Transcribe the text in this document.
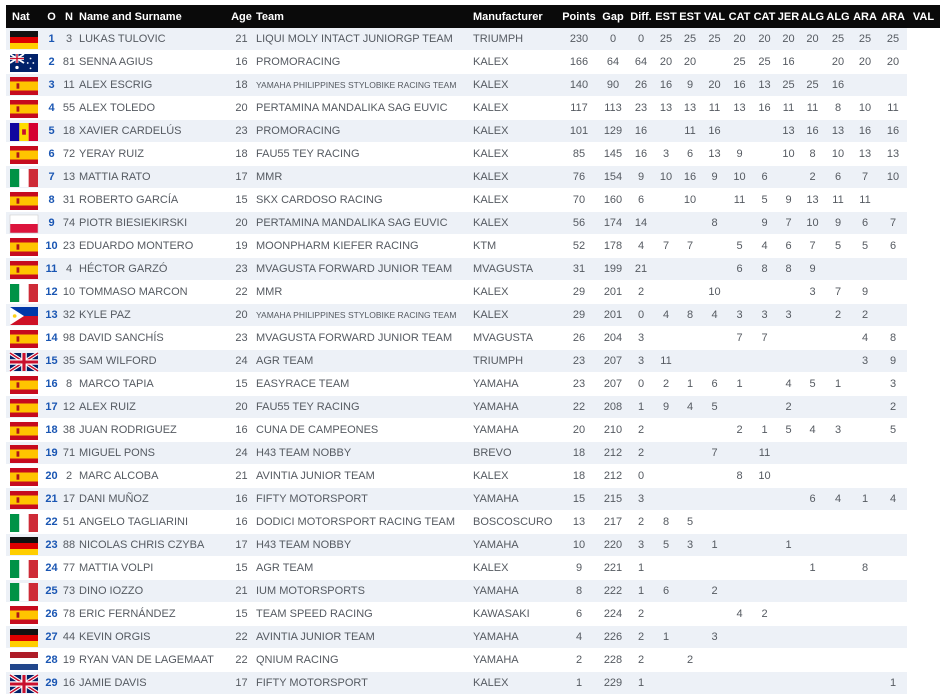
Nat	O	N	Name and Surname	Age	Team	Manufacturer	Points	Gap	Diff.	EST	EST	VAL	CAT	CAT	JER	ALG	ALG	ARA	ARA	VAL

	1	3	LUKAS TULOVIC	21	LIQUI MOLY INTACT JUNIORGP TEAM	TRIUMPH	230	0	0	25	25	25	20	20	20	20	25	25	25	

	2	81	SENNA AGIUS	16	PROMORACING	KALEX	166	64	64	20	20		25	25	16		20	20	20	

	3	11	ALEX ESCRIG	18	YAMAHA PHILIPPINES STYLOBIKE RACING TEAM	KALEX	140	90	26	16	9	20	16	13	25	25	16			

	4	55	ALEX TOLEDO	20	PERTAMINA MANDALIKA SAG EUVIC	KALEX	117	113	23	13	13	11	13	16	11	11	8	10	11	

	5	18	XAVIER CARDELÚS	23	PROMORACING	KALEX	101	129	16		11	16			13	16	13	16	16	

	6	72	YERAY RUIZ	18	FAU55 TEY RACING	KALEX	85	145	16	3	6	13	9		10	8	10	13	13	

	7	13	MATTIA RATO	17	MMR	KALEX	76	154	9	10	16	9	10	6		2	6	7	10	

	8	31	ROBERTO GARCÍA	15	SKX CARDOSO RACING	KALEX	70	160	6		10		11	5	9	13	11	11		

	9	74	PIOTR BIESIEKIRSKI	20	PERTAMINA MANDALIKA SAG EUVIC	KALEX	56	174	14			8		9	7	10	9	6	7	

	10	23	EDUARDO MONTERO	19	MOONPHARM KIEFER RACING	KTM	52	178	4	7	7		5	4	6	7	5	5	6	

	11	4	HÉCTOR GARZÓ	23	MVAGUSTA FORWARD JUNIOR TEAM	MVAGUSTA	31	199	21				6	8	8	9				

	12	10	TOMMASO MARCON	22	MMR	KALEX	29	201	2			10				3	7	9		

	13	32	KYLE PAZ	20	YAMAHA PHILIPPINES STYLOBIKE RACING TEAM	KALEX	29	201	0	4	8	4	3	3	3		2	2		

	14	98	DAVID SANCHÍS	23	MVAGUSTA FORWARD JUNIOR TEAM	MVAGUSTA	26	204	3				7	7				4	8	

	15	35	SAM WILFORD	24	AGR TEAM	TRIUMPH	23	207	3	11								3	9	

	16	8	MARCO TAPIA	15	EASYRACE TEAM	YAMAHA	23	207	0	2	1	6	1		4	5	1		3	

	17	12	ALEX RUIZ	20	FAU55 TEY RACING	YAMAHA	22	208	1	9	4	5			2				2	

	18	38	JUAN RODRIGUEZ	16	CUNA DE CAMPEONES	YAMAHA	20	210	2				2	1	5	4	3		5	

	19	71	MIGUEL PONS	24	H43 TEAM NOBBY	BREVO	18	212	2			7		11						

	20	2	MARC ALCOBA	21	AVINTIA JUNIOR TEAM	KALEX	18	212	0				8	10						

	21	17	DANI MUÑOZ	16	FIFTY MOTORSPORT	YAMAHA	15	215	3							6	4	1	4	

	22	51	ANGELO TAGLIARINI	16	DODICI MOTORSPORT RACING TEAM	BOSCOSCURO	13	217	2	8	5									

	23	88	NICOLAS CHRIS CZYBA	17	H43 TEAM NOBBY	YAMAHA	10	220	3	5	3	1			1					

	24	77	MATTIA VOLPI	15	AGR TEAM	KALEX	9	221	1							1		8		

	25	73	DINO IOZZO	21	IUM MOTORSPORTS	YAMAHA	8	222	1	6		2								

	26	78	ERIC FERNÁNDEZ	15	TEAM SPEED RACING	KAWASAKI	6	224	2				4	2						

	27	44	KEVIN ORGIS	22	AVINTIA JUNIOR TEAM	YAMAHA	4	226	2	1		3								

	28	19	RYAN VAN DE LAGEMAAT	22	QNIUM RACING	YAMAHA	2	228	2		2									

	29	16	JAMIE DAVIS	17	FIFTY MOTORSPORT	KALEX	1	229	1										1	
